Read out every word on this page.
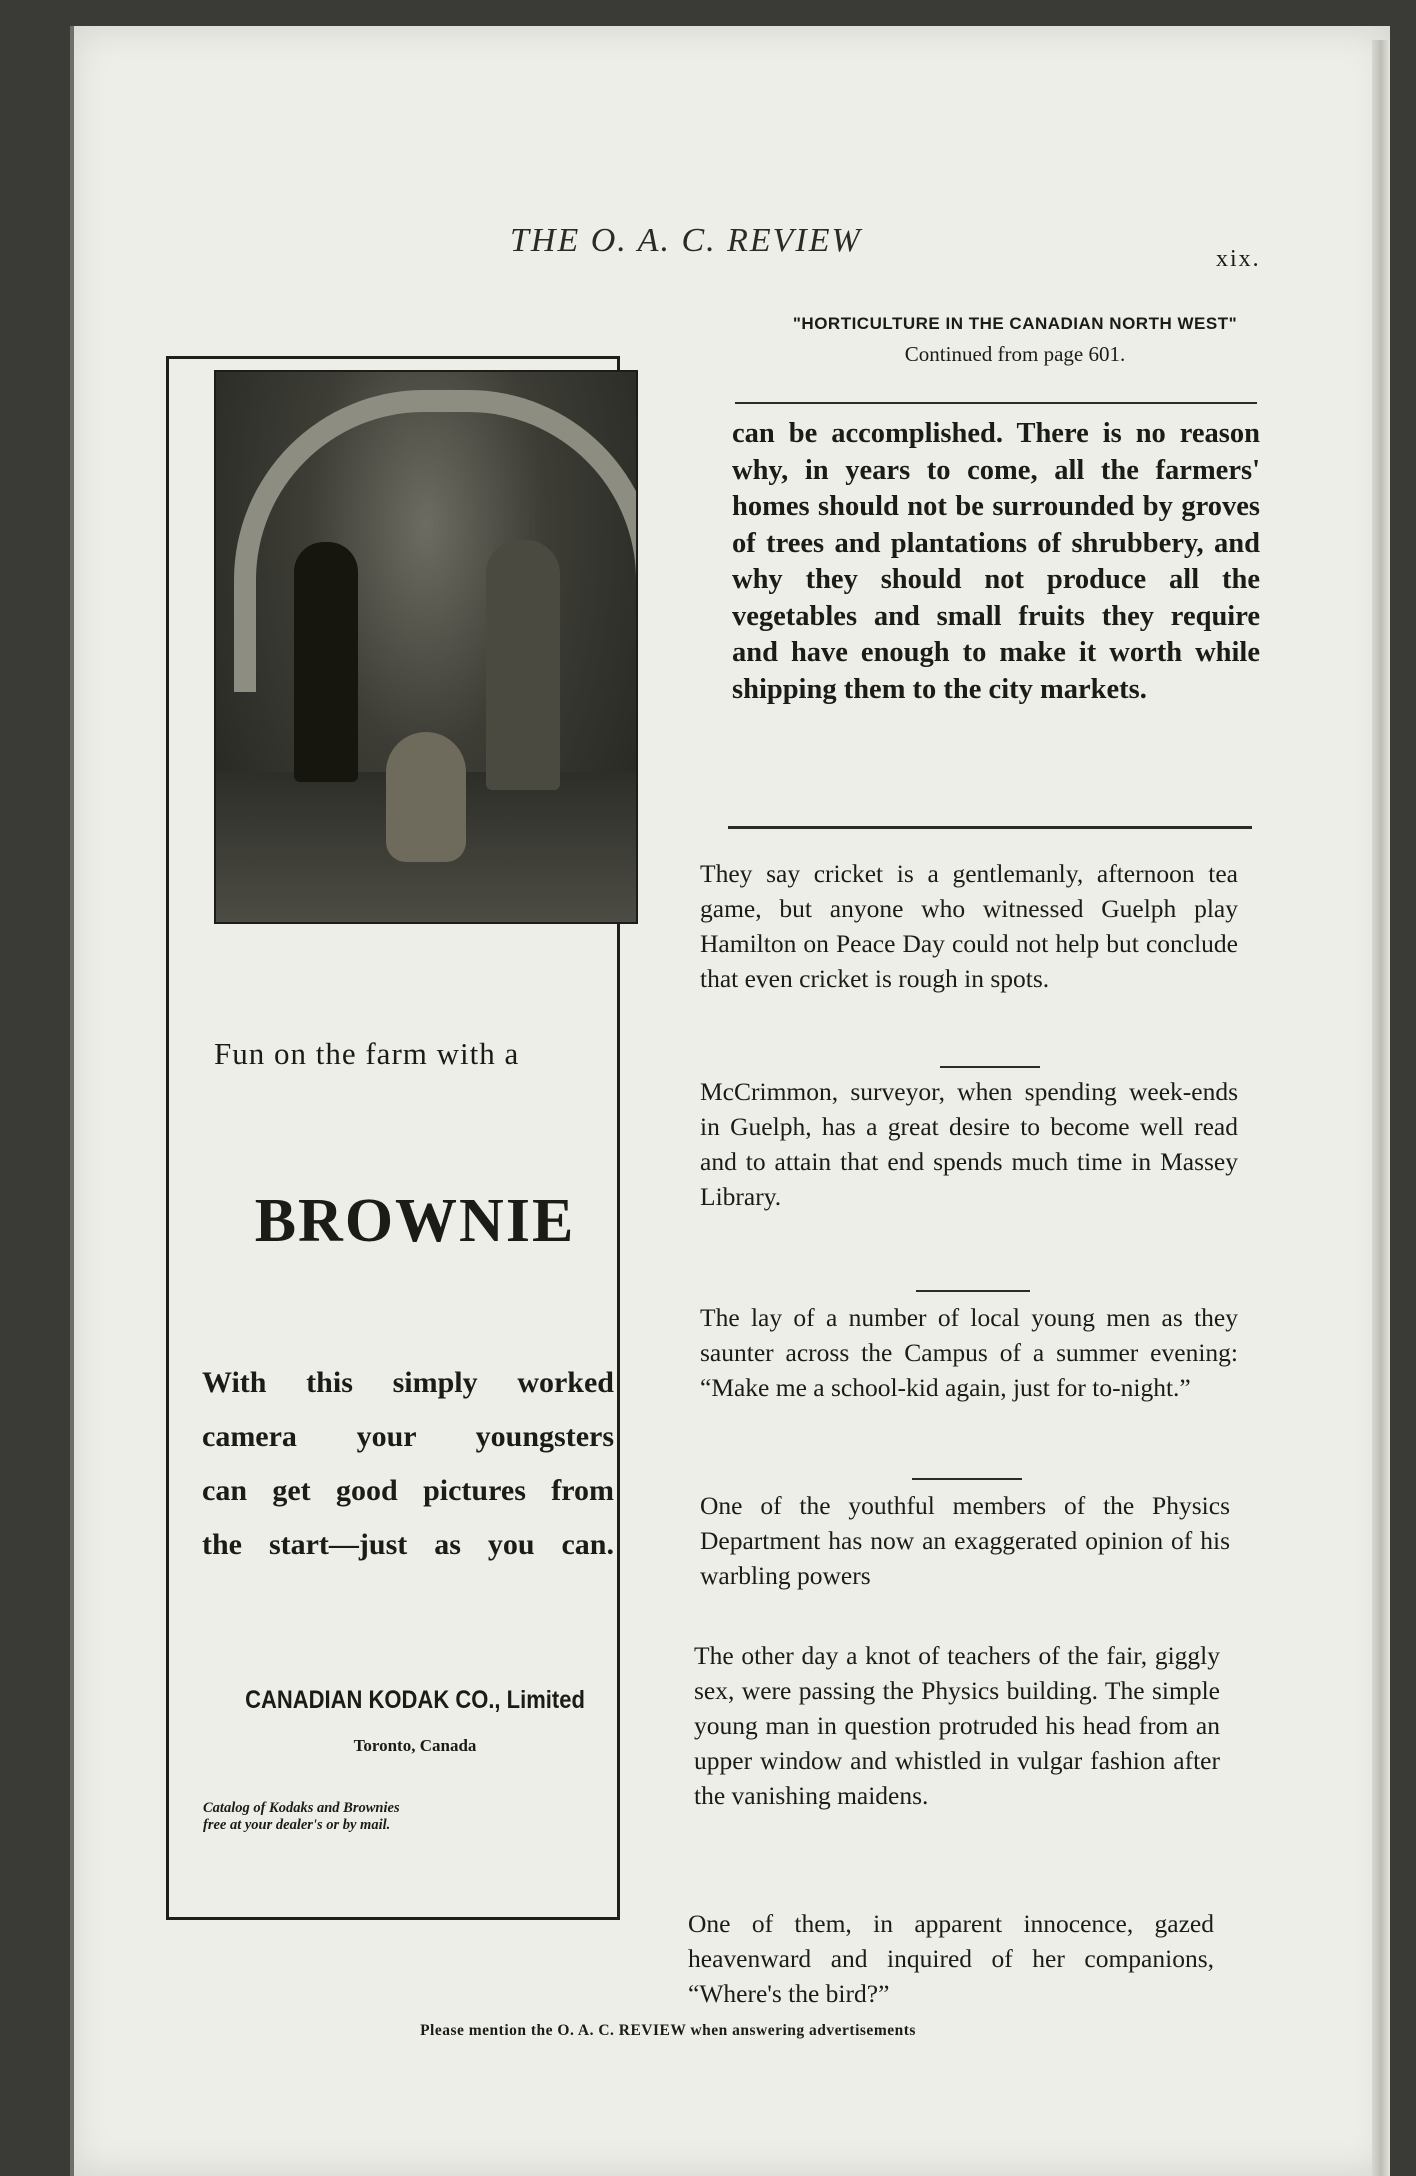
THE O. A. C. REVIEW	xix.
"HORTICULTURE IN THE CANADIAN NORTH WEST"
Continued from page 601.
can be accomplished. There is no reason why, in years to come, all the farmers' homes should not be surrounded by groves of trees and plantations of shrubbery, and why they should not produce all the vegetables and small fruits they require and have enough to make it worth while shipping them to the city markets.
They say cricket is a gentlemanly, afternoon tea game, but anyone who witnessed Guelph play Hamilton on Peace Day could not help but conclude that even cricket is rough in spots.
McCrimmon, surveyor, when spending week-ends in Guelph, has a great desire to become well read and to attain that end spends much time in Massey Library.
The lay of a number of local young men as they saunter across the Campus of a summer evening: “Make me a school-kid again, just for to-night.”
One of the youthful members of the Physics Department has now an exaggerated opinion of his warbling powers
The other day a knot of teachers of the fair, giggly sex, were passing the Physics building. The simple young man in question protruded his head from an upper window and whistled in vulgar fashion after the vanishing maidens.
One of them, in apparent innocence, gazed heavenward and inquired of her companions, “Where's the bird?”
Fun on the farm with a
BROWNIE
With this simply worked
camera your youngsters
can get good pictures from
the start—just as you can.
CANADIAN KODAK CO., Limited
Toronto, Canada
Catalog of Kodaks and Brownies
free at your dealer's or by mail.
Please mention the O. A. C. REVIEW when answering advertisements
